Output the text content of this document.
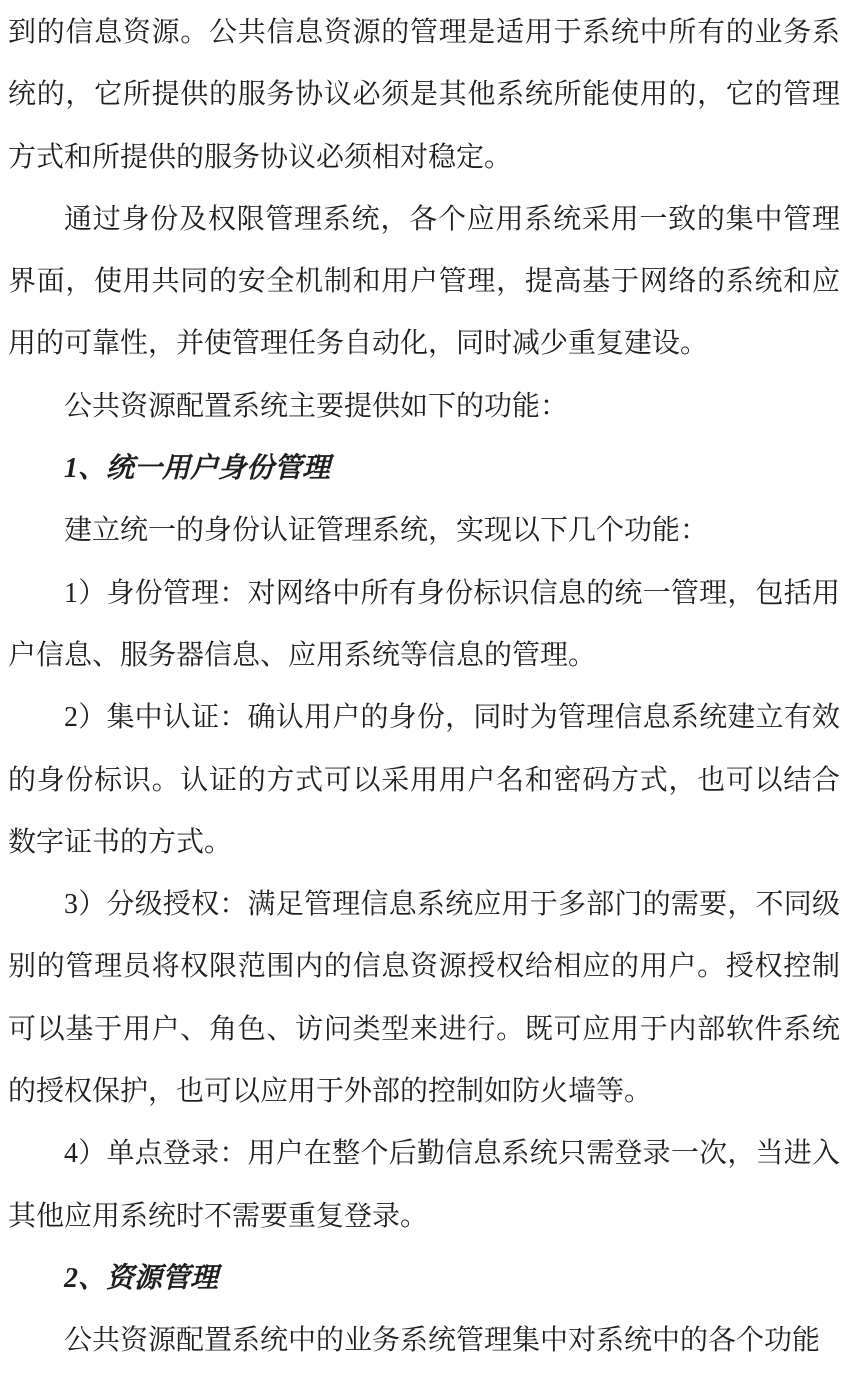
到的信息资源。公共信息资源的管理是适用于系统中所有的业务系统的，它所提供的服务协议必须是其他系统所能使用的，它的管理方式和所提供的服务协议必须相对稳定。

通过身份及权限管理系统，各个应用系统采用一致的集中管理界面，使用共同的安全机制和用户管理，提高基于网络的系统和应用的可靠性，并使管理任务自动化，同时减少重复建设。

公共资源配置系统主要提供如下的功能：

1、统一用户身份管理

建立统一的身份认证管理系统，实现以下几个功能：

1）身份管理：对网络中所有身份标识信息的统一管理，包括用户信息、服务器信息、应用系统等信息的管理。

2）集中认证：确认用户的身份，同时为管理信息系统建立有效的身份标识。认证的方式可以采用用户名和密码方式，也可以结合数字证书的方式。

3）分级授权：满足管理信息系统应用于多部门的需要，不同级别的管理员将权限范围内的信息资源授权给相应的用户。授权控制可以基于用户、角色、访问类型来进行。既可应用于内部软件系统的授权保护，也可以应用于外部的控制如防火墙等。

4）单点登录：用户在整个后勤信息系统只需登录一次，当进入其他应用系统时不需要重复登录。

2、资源管理

公共资源配置系统中的业务系统管理集中对系统中的各个功能
